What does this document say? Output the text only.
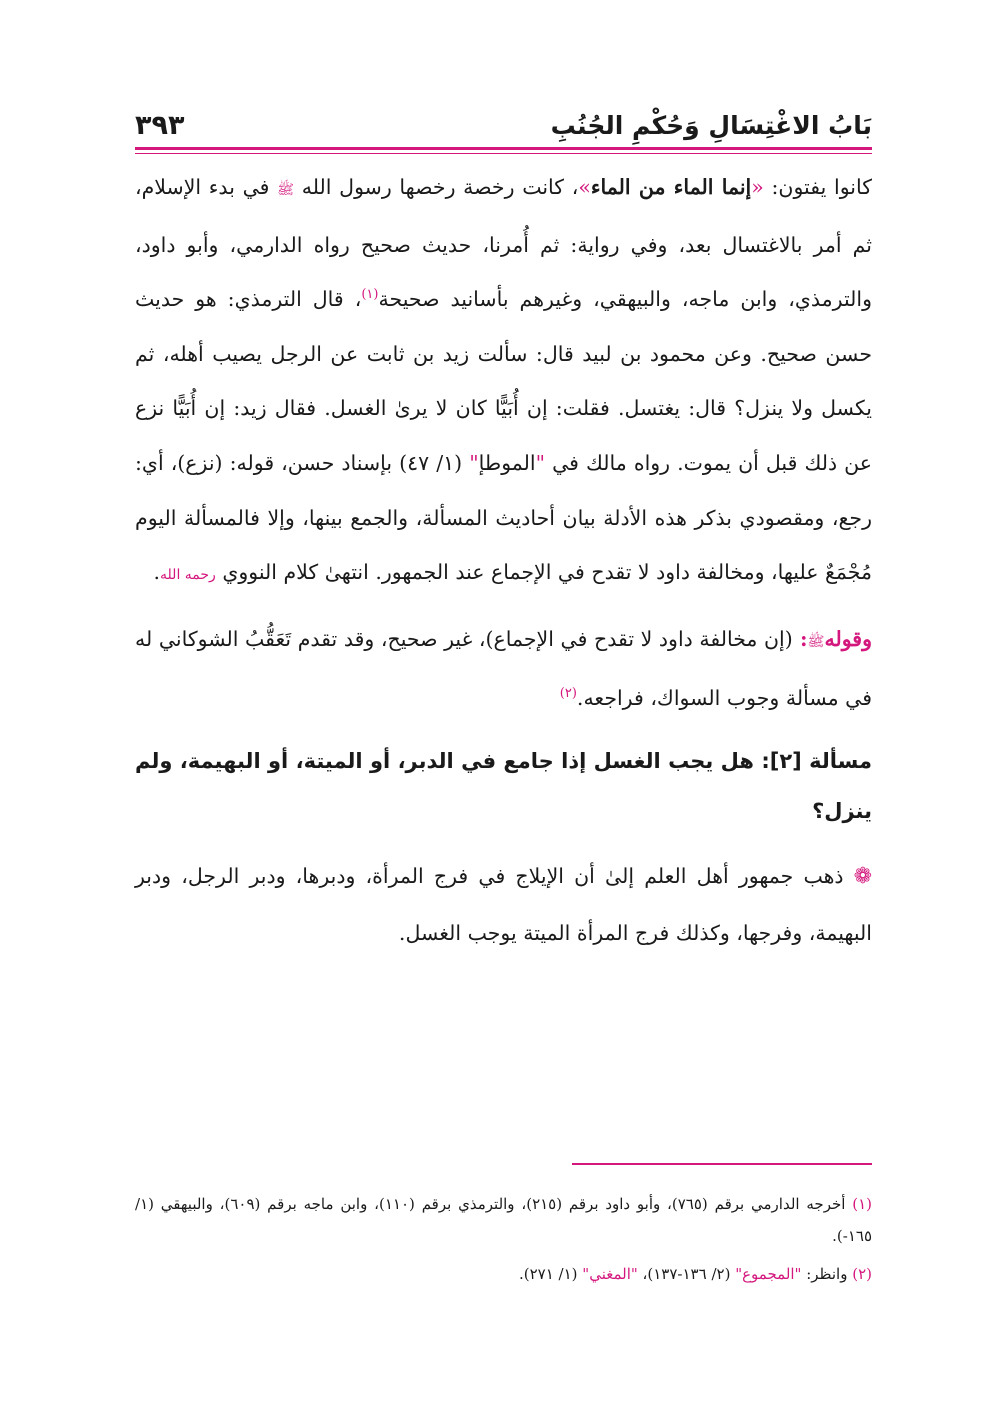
بَابُ الاغْتِسَالِ وَحُكْمِ الجُنُبِ
٣٩٣

كانوا يفتون: «إنما الماء من الماء»، كانت رخصة رخصها رسول الله ﷺ في بدء الإسلام، ثم أمر بالاغتسال بعد، وفي رواية: ثم أُمرنا، حديث صحيح رواه الدارمي، وأبو داود، والترمذي، وابن ماجه، والبيهقي، وغيرهم بأسانيد صحيحة$^{(١)}$، قال الترمذي: هو حديث حسن صحيح. وعن محمود بن لبيد قال: سألت زيد بن ثابت عن الرجل يصيب أهله، ثم يكسل ولا ينزل؟ قال: يغتسل. فقلت: إن أُبَيًّا كان لا يرىٰ الغسل. فقال زيد: إن أُبَيًّا نزع عن ذلك قبل أن يموت. رواه مالك في "الموطإ" (١/ ٤٧) بإسناد حسن، قوله: (نزع)، أي: رجع، ومقصودي بذكر هذه الأدلة بيان أحاديث المسألة، والجمع بينها، وإلا فالمسألة اليوم مُجْمَعٌ عليها، ومخالفة داود لا تقدح في الإجماع عند الجمهور. انتهىٰ كلام النووي رحمه الله.

وقولهﷺ: (إن مخالفة داود لا تقدح في الإجماع)، غير صحيح، وقد تقدم تَعَقُّبُ الشوكاني له في مسألة وجوب السواك، فراجعه.$^{(٢)}$

مسألة [٢]: هل يجب الغسل إذا جامع في الدبر، أو الميتة، أو البهيمة، ولم ينزل؟

❁ذهب جمهور أهل العلم إلىٰ أن الإيلاج في فرج المرأة، ودبرها، ودبر الرجل، ودبر البهيمة، وفرجها، وكذلك فرج المرأة الميتة يوجب الغسل.

(١) أخرجه الدارمي برقم (٧٦٥)، وأبو داود برقم (٢١٥)، والترمذي برقم (١١٠)، وابن ماجه برقم (٦٠٩)، والبيهقي (١/ ١٦٥-).

(٢) وانظر: "المجموع" (٢/ ١٣٦-١٣٧)، "المغني" (١/ ٢٧١).
